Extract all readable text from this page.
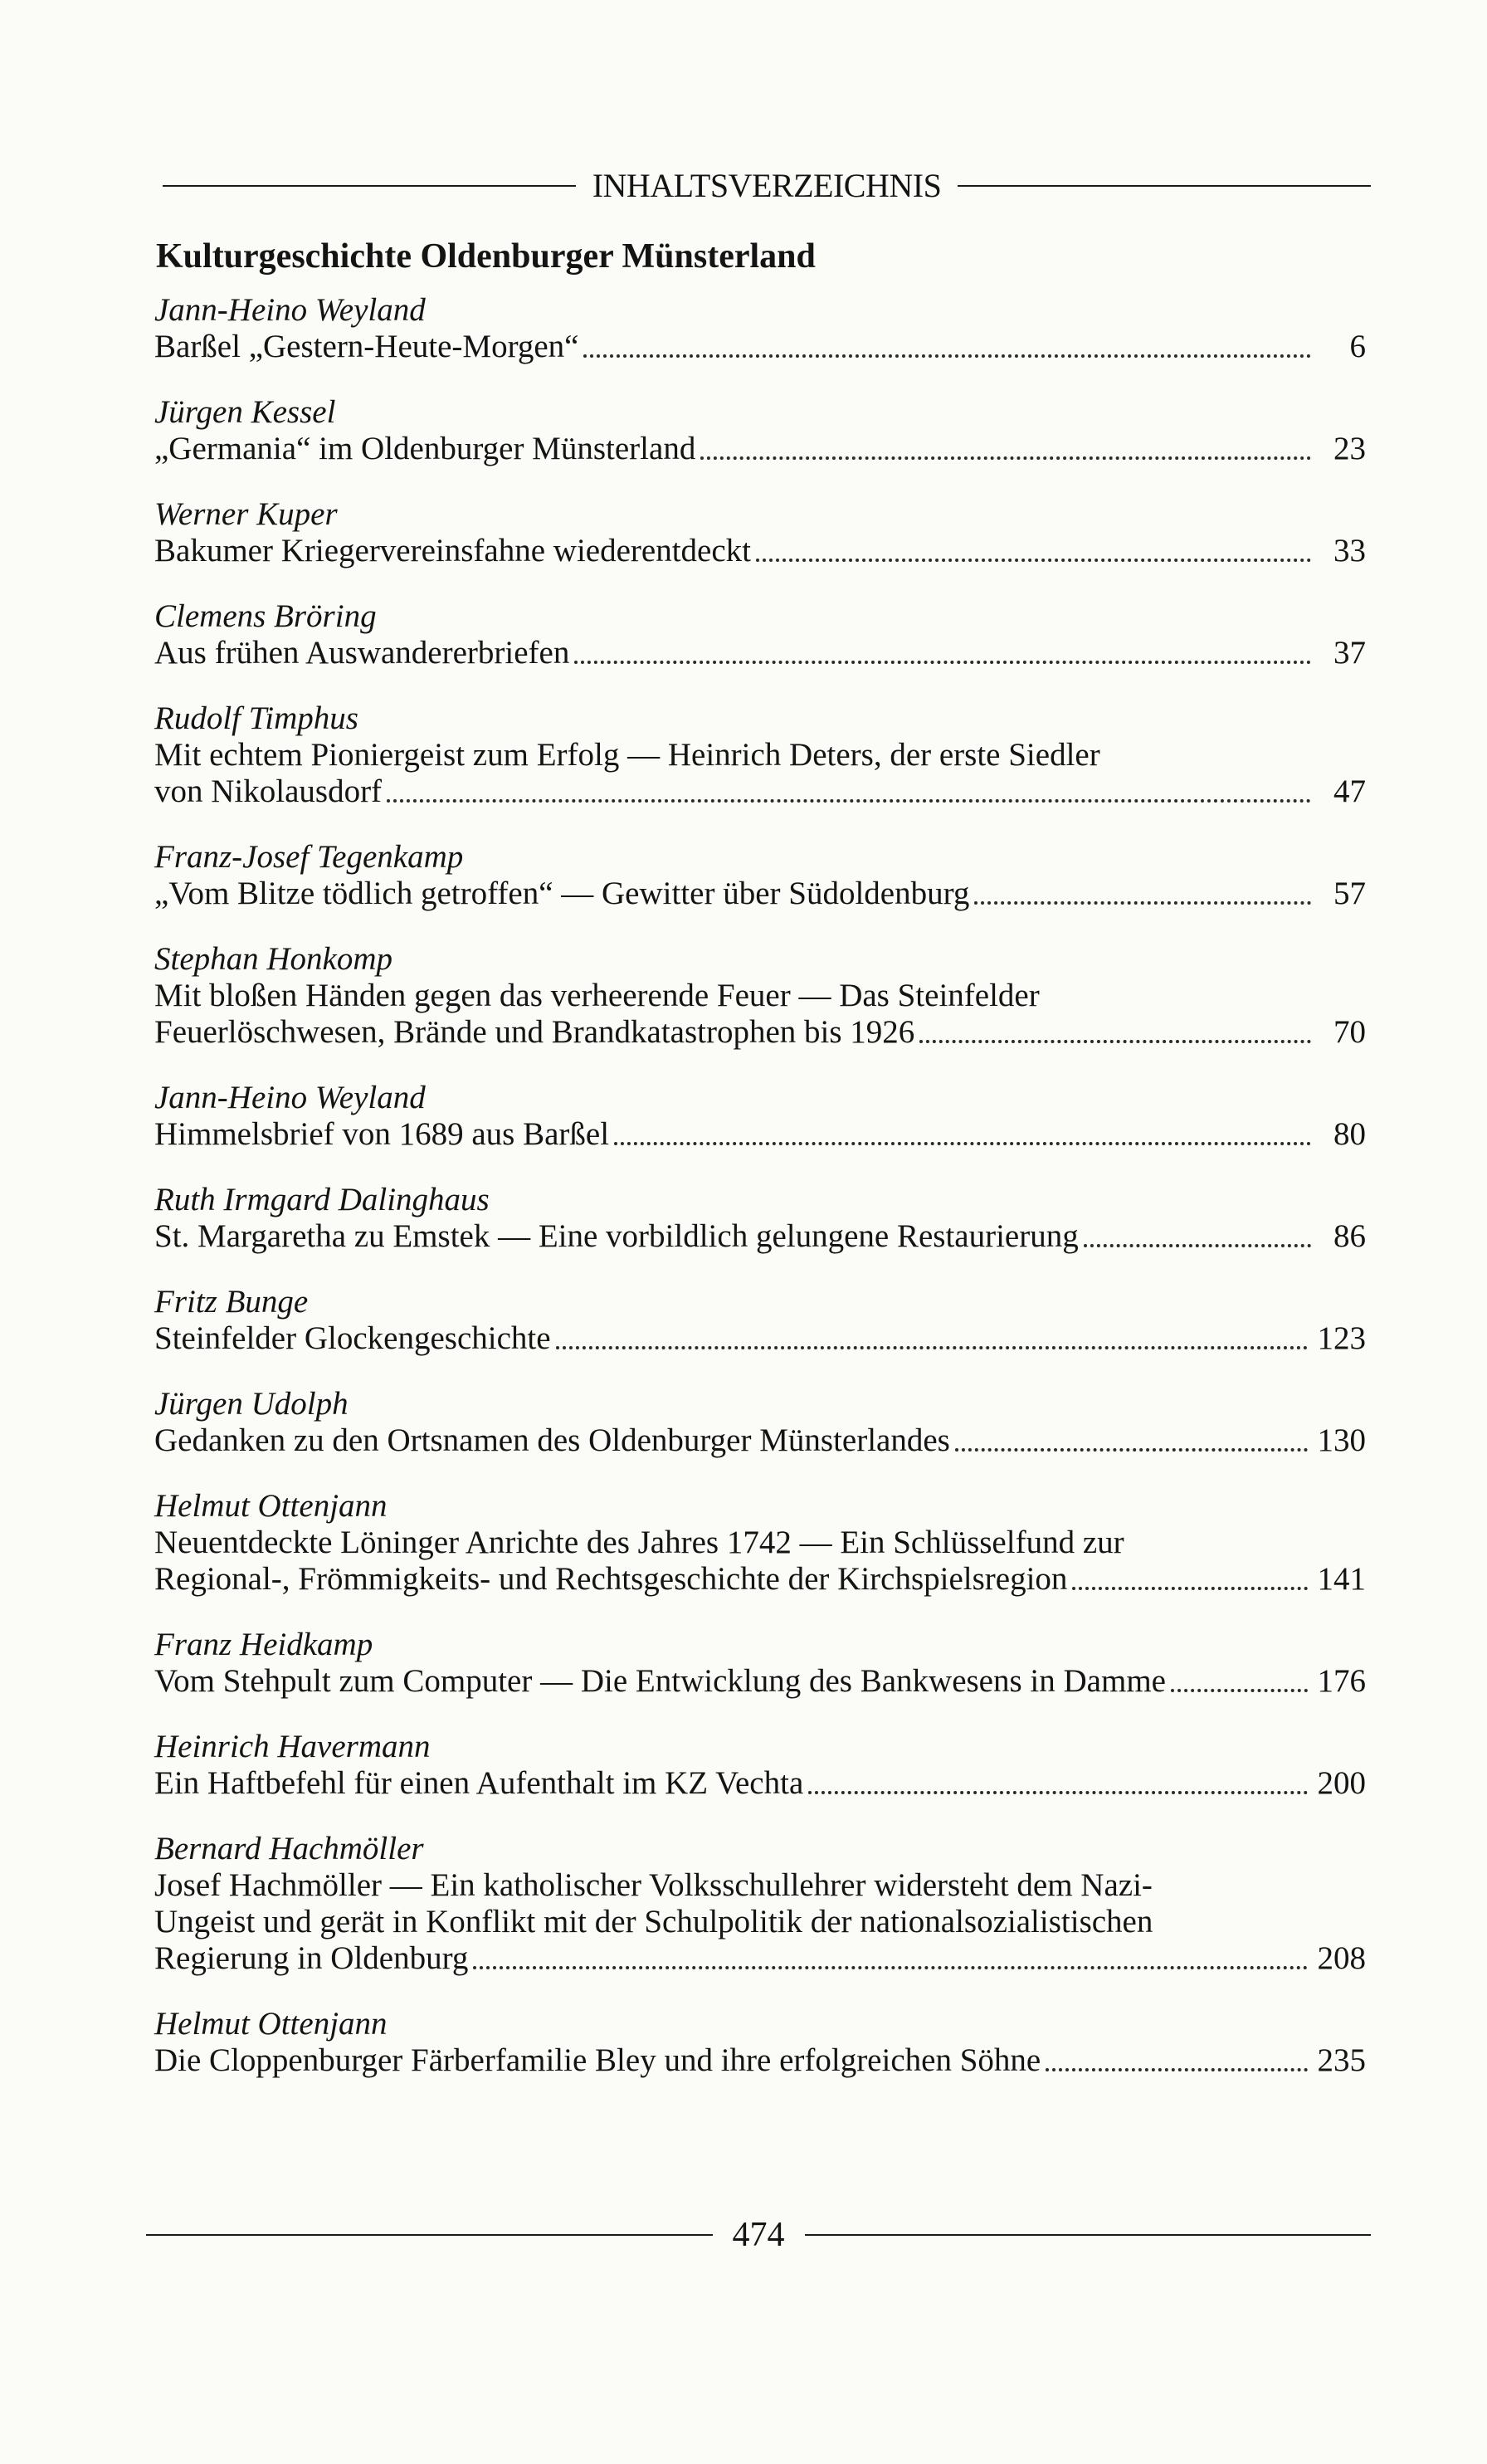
INHALTSVERZEICHNIS
Kulturgeschichte Oldenburger Münsterland
Jann-Heino Weyland
Barßel „Gestern-Heute-Morgen“	6
Jürgen Kessel
„Germania“ im Oldenburger Münsterland	23
Werner Kuper
Bakumer Kriegervereinsfahne wiederentdeckt	33
Clemens Bröring
Aus frühen Auswandererbriefen	37
Rudolf Timphus
Mit echtem Pioniergeist zum Erfolg — Heinrich Deters, der erste Siedler
von Nikolausdorf	47
Franz-Josef Tegenkamp
„Vom Blitze tödlich getroffen“ — Gewitter über Südoldenburg	57
Stephan Honkomp
Mit bloßen Händen gegen das verheerende Feuer — Das Steinfelder
Feuerlöschwesen, Brände und Brandkatastrophen bis 1926	70
Jann-Heino Weyland
Himmelsbrief von 1689 aus Barßel	80
Ruth Irmgard Dalinghaus
St. Margaretha zu Emstek — Eine vorbildlich gelungene Restaurierung	86
Fritz Bunge
Steinfelder Glockengeschichte	123
Jürgen Udolph
Gedanken zu den Ortsnamen des Oldenburger Münsterlandes	130
Helmut Ottenjann
Neuentdeckte Löninger Anrichte des Jahres 1742 — Ein Schlüsselfund zur
Regional-, Frömmigkeits- und Rechtsgeschichte der Kirchspielsregion	141
Franz Heidkamp
Vom Stehpult zum Computer — Die Entwicklung des Bankwesens in Damme	176
Heinrich Havermann
Ein Haftbefehl für einen Aufenthalt im KZ Vechta	200
Bernard Hachmöller
Josef Hachmöller — Ein katholischer Volksschullehrer widersteht dem Nazi-
Ungeist und gerät in Konflikt mit der Schulpolitik der nationalsozialistischen
Regierung in Oldenburg	208
Helmut Ottenjann
Die Cloppenburger Färberfamilie Bley und ihre erfolgreichen Söhne	235
474
